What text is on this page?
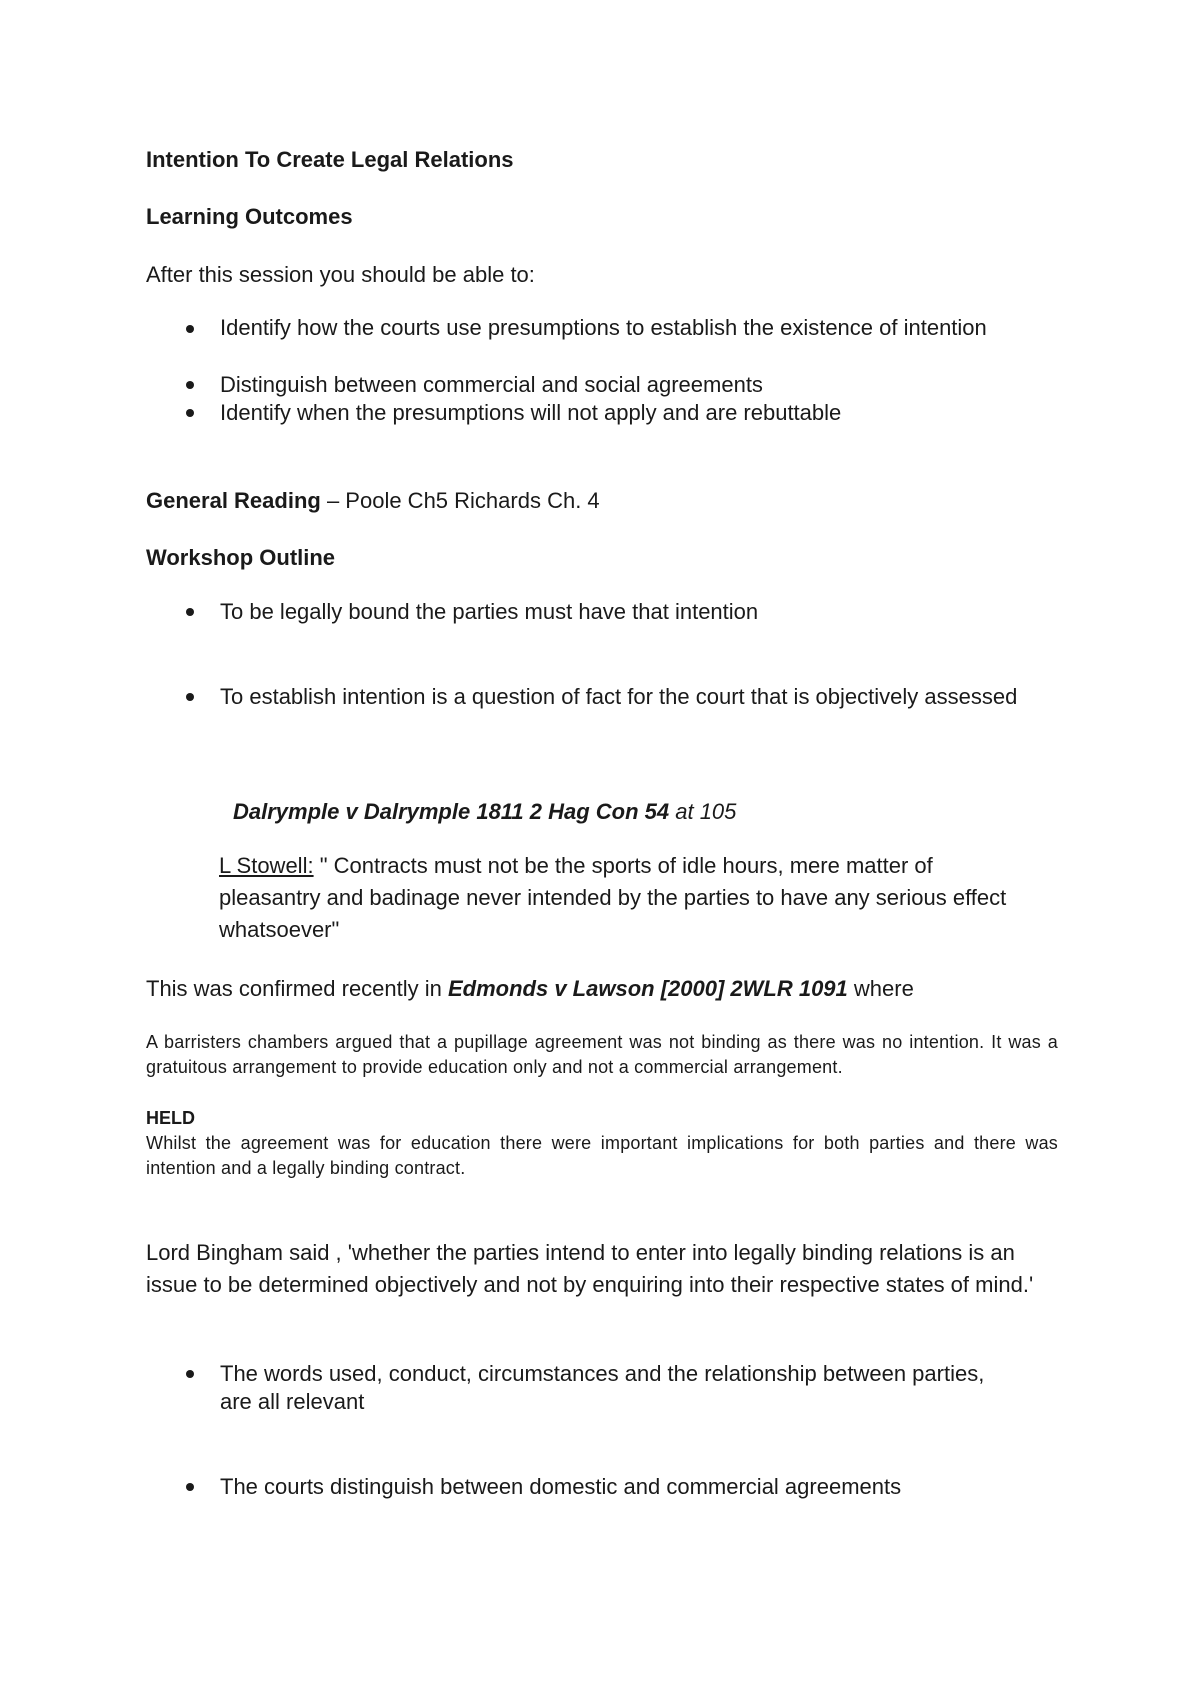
Intention To Create Legal Relations

Learning Outcomes

After this session you should be able to:

Identify how the courts use presumptions to establish the existence of intention

Distinguish between commercial and social agreements

Identify when the presumptions will not apply and are rebuttable

General Reading – Poole Ch5 Richards Ch. 4

Workshop Outline

To be legally bound the parties must have that intention

To establish intention is a question of fact for the court that is objectively assessed

Dalrymple v Dalrymple 1811 2 Hag Con 54 at 105

L Stowell: " Contracts must not be the sports of idle hours, mere matter of pleasantry and badinage never intended by the parties to have any serious effect whatsoever"

This was confirmed recently in Edmonds v Lawson [2000] 2WLR 1091 where

A barristers chambers argued that a pupillage agreement was not binding as there was no intention. It was a gratuitous arrangement to provide education only and not a commercial arrangement.

HELD

Whilst the agreement was for education there were important implications for both parties and there was intention and a legally binding contract.

Lord Bingham said , 'whether the parties intend to enter into legally binding relations is an issue to be determined objectively and not by enquiring into their respective states of mind.'

The words used, conduct, circumstances and the relationship between parties, are all relevant

The courts distinguish between domestic and commercial agreements
